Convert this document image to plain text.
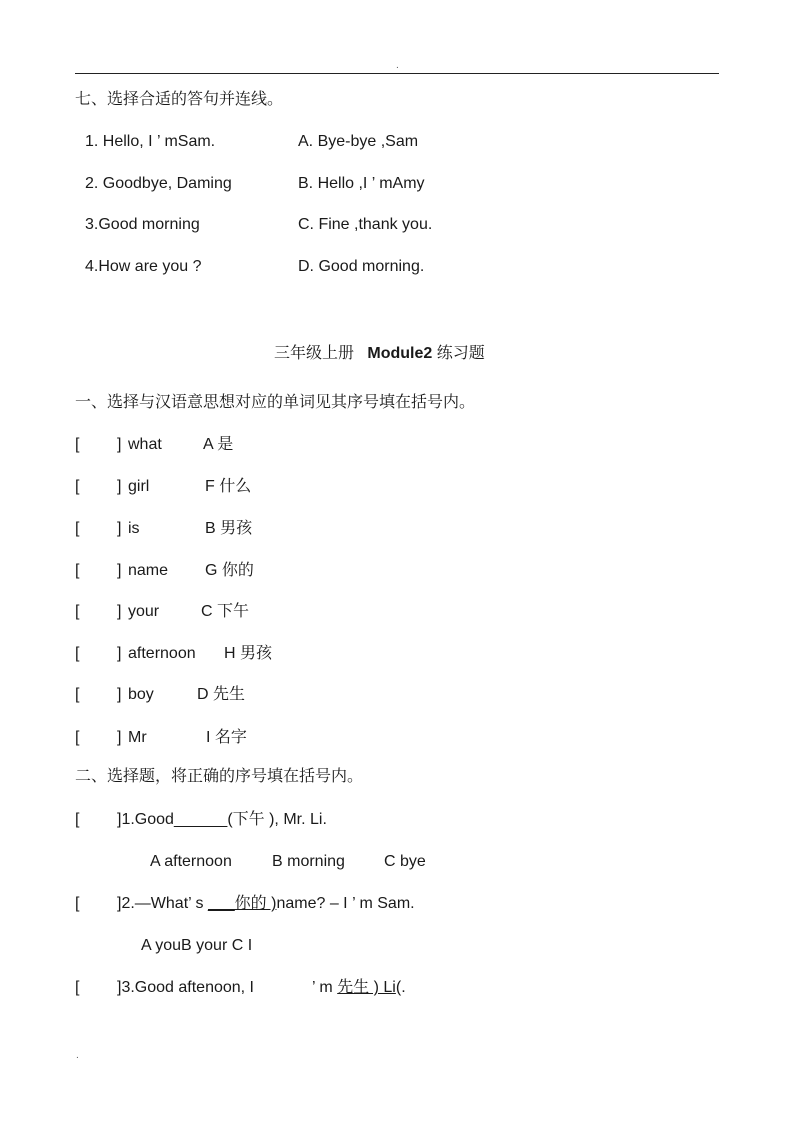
.
七、选择合适的答句并连线。
1. Hello, I ’ mSam.	A. Bye-bye ,Sam
2. Goodbye, Daming	B. Hello ,I ’ mAmy
3.Good morning	C. Fine ,thank you.
4.How are you ?	D. Good morning.
三年级上册 Module2 练习题
一、选择与汉语意思想对应的单词见其序号填在括号内。
[ ] what	A 是
[ ] girl	F 什么
[ ] is	B 男孩
[ ] name G 你的
[ ] your	C 下午
[ ] afternoon H 男孩
[ ] boy	D 先生
[ ] Mr	I 名字
二、选择题，将正确的序号填在括号内。
[ ]1.Good______(下午 ), Mr. Li.
A afternoon	B morning C bye
[ ]2.—What’ s ___你的 )name? – I ’ m Sam.
A youB your C I
[ ]3.Good aftenoon, I	’ m 先生 ) Li(.
.
